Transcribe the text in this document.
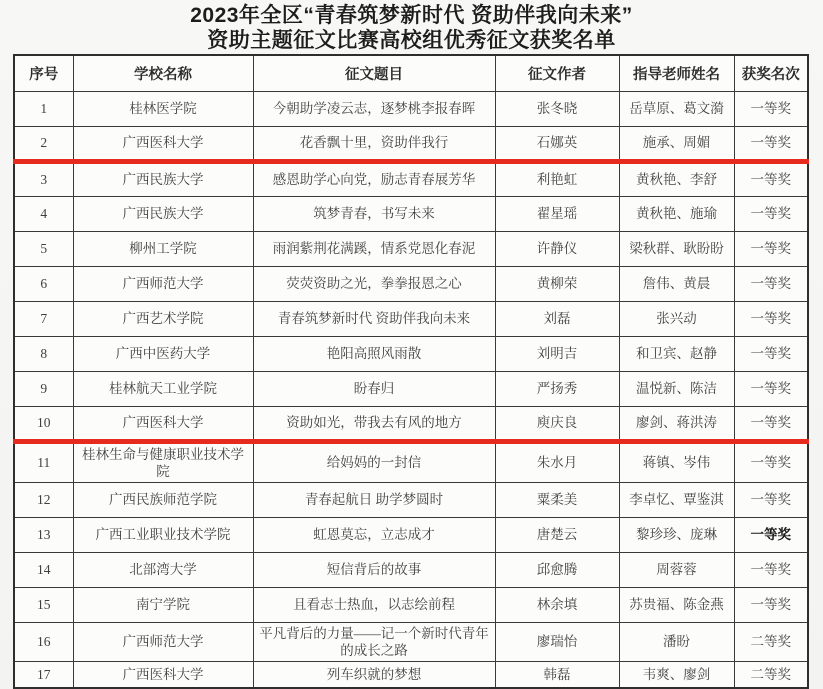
2023年全区“青春筑梦新时代 资助伴我向未来”
资助主题征文比赛高校组优秀征文获奖名单
序号	学校名称	征文题目	征文作者	指导老师姓名	获奖名次
1	桂林医学院	今朝助学凌云志，逐梦桃李报春晖	张冬晓	岳草原、葛文漪	一等奖
2	广西医科大学	花香飘十里，资助伴我行	石娜英	施承、周媚	一等奖
3	广西民族大学	感恩助学心向党，励志青春展芳华	利艳虹	黄秋艳、李舒	一等奖
4	广西民族大学	筑梦青春，书写未来	翟星瑶	黄秋艳、施瑜	一等奖
5	柳州工学院	雨润紫荆花满蹊，情系党恩化春泥	许静仪	梁秋群、耿盼盼	一等奖
6	广西师范大学	荧荧资助之光，拳拳报恩之心	黄柳荣	詹伟、黄晨	一等奖
7	广西艺术学院	青春筑梦新时代 资助伴我向未来	刘磊	张兴动	一等奖
8	广西中医药大学	艳阳高照风雨散	刘明吉	和卫宾、赵静	一等奖
9	桂林航天工业学院	盼春归	严扬秀	温悦新、陈洁	一等奖
10	广西医科大学	资助如光，带我去有风的地方	庾庆良	廖剑、蒋洪涛	一等奖
11	桂林生命与健康职业技术学院	给妈妈的一封信	朱水月	蒋镇、岑伟	一等奖
12	广西民族师范学院	青春起航日 助学梦圆时	粟柔美	李卓忆、覃鉴淇	一等奖
13	广西工业职业技术学院	虹恩莫忘，立志成才	唐楚云	黎珍珍、庞琳	一等奖
14	北部湾大学	短信背后的故事	邱愈腾	周蓉蓉	一等奖
15	南宁学院	且看志士热血，以志绘前程	林余填	苏贵福、陈金燕	一等奖
16	广西师范大学	平凡背后的力量——记一个新时代青年的成长之路	廖瑞怡	潘盼	二等奖
17	广西医科大学	列车织就的梦想	韩磊	韦爽、廖剑	二等奖
